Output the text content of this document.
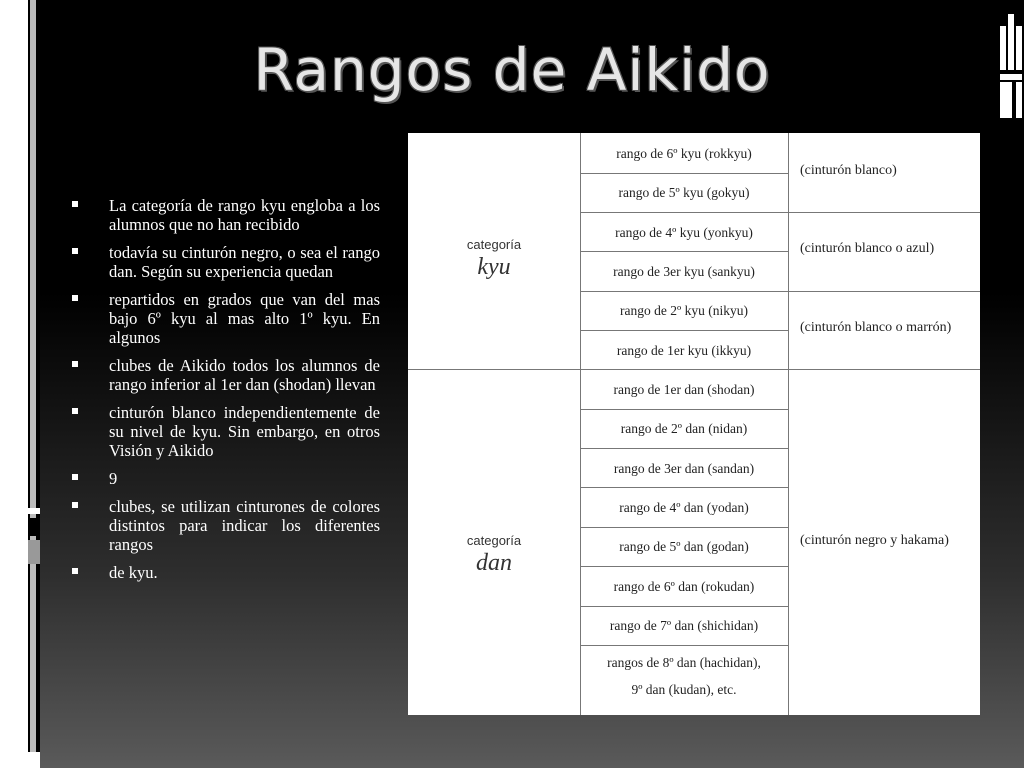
Rangos de Aikido
La categoría de rango kyu engloba a los alumnos que no han recibido
todavía su cinturón negro, o sea el rango dan. Según su experiencia quedan
repartidos en grados que van del mas bajo 6º kyu al mas alto 1º kyu. En algunos
clubes de Aikido todos los alumnos de rango inferior al 1er dan (shodan) llevan
cinturón blanco independientemente de su nivel de kyu. Sin embargo, en otros Visión y Aikido
9
clubes, se utilizan cinturones de colores distintos para indicar los diferentes rangos
de kyu.
categoría
kyu
categoría
dan
rango de 6º kyu (rokkyu)
rango de 5º kyu (gokyu)
rango de 4º kyu (yonkyu)
rango de 3er kyu (sankyu)
rango de 2º kyu (nikyu)
rango de 1er kyu (ikkyu)
rango de 1er dan (shodan)
rango de 2º dan (nidan)
rango de 3er dan (sandan)
rango de 4º dan (yodan)
rango de 5º dan (godan)
rango de 6º dan (rokudan)
rango de 7º dan (shichidan)
rangos de 8º dan (hachidan),
9º dan (kudan), etc.
(cinturón blanco)
(cinturón blanco o azul)
(cinturón blanco o marrón)
(cinturón negro y hakama)
